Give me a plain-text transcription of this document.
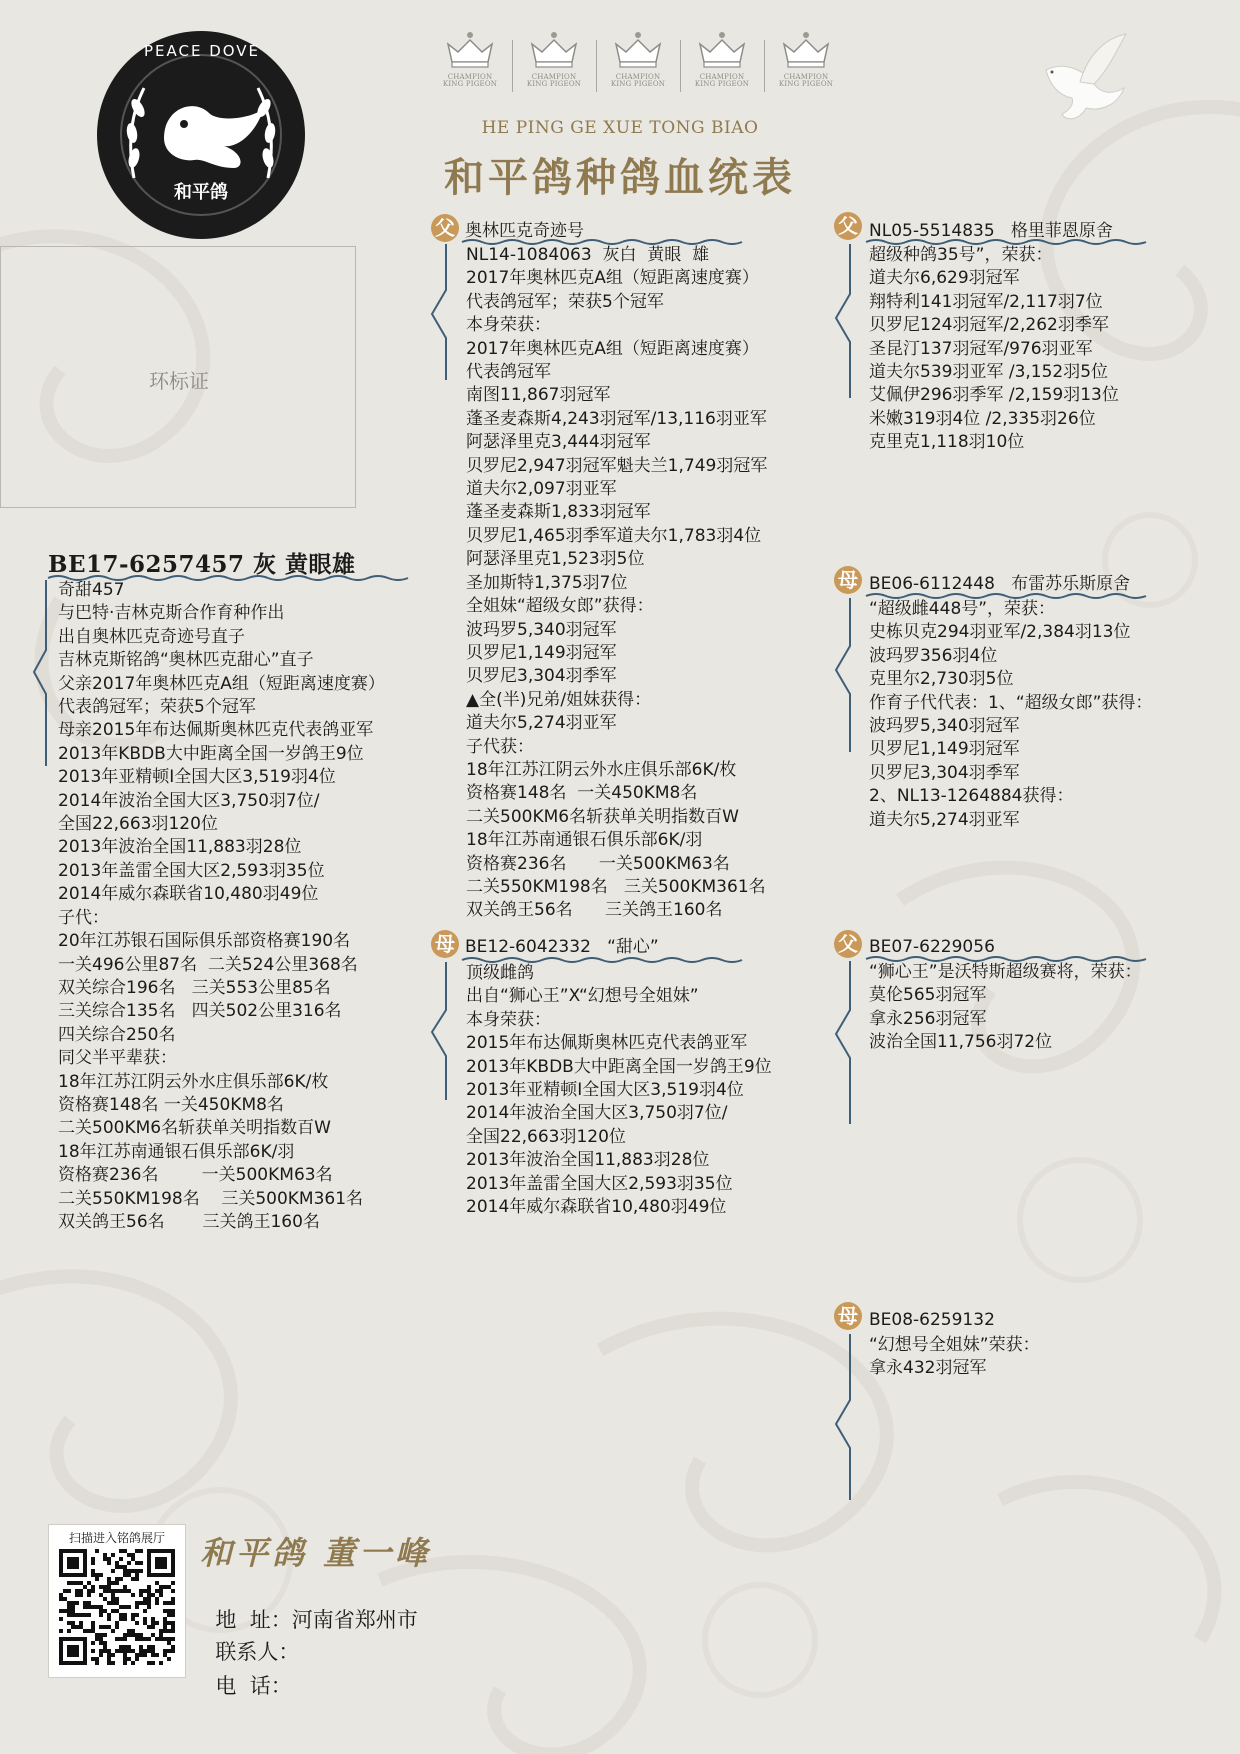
PEACE DOVE
和平鸽
CHAMPION
KING PIGEON
CHAMPION
KING PIGEON
CHAMPION
KING PIGEON
CHAMPION
KING PIGEON
CHAMPION
KING PIGEON
HE PING GE XUE TONG BIAO
和平鸽种鸽血统表
环标证
BE17-6257457 灰 黄眼雄
奇甜457
与巴特·吉林克斯合作育种作出
出自奥林匹克奇迹号直子
吉林克斯铭鸽“奥林匹克甜心”直子
父亲2017年奥林匹克A组（短距离速度赛）
代表鸽冠军；荣获5个冠军
母亲2015年布达佩斯奥林匹克代表鸽亚军
2013年KBDB大中距离全国一岁鸽王9位
2013年亚精顿I全国大区3,519羽4位
2014年波治全国大区3,750羽7位/
全国22,663羽120位
2013年波治全国11,883羽28位
2013年盖雷全国大区2,593羽35位
2014年威尔森联省10,480羽49位
子代：
20年江苏银石国际俱乐部资格赛190名
一关496公里87名  二关524公里368名
双关综合196名   三关553公里85名
三关综合135名   四关502公里316名
四关综合250名
同父半平辈获：
18年江苏江阴云外水庄俱乐部6K/枚
资格赛148名 一关450KM8名
二关500KM6名斩获单关明指数百W
18年江苏南通银石俱乐部6K/羽
资格赛236名        一关500KM63名
二关550KM198名    三关500KM361名
双关鸽王56名       三关鸽王160名
父 奥林匹克奇迹号
NL14-1084063  灰白  黄眼  雄
2017年奥林匹克A组（短距离速度赛）
代表鸽冠军；荣获5个冠军
本身荣获：
2017年奥林匹克A组（短距离速度赛）
代表鸽冠军
南图11,867羽冠军
蓬圣麦森斯4,243羽冠军/13,116羽亚军
阿瑟泽里克3,444羽冠军
贝罗尼2,947羽冠军魁夫兰1,749羽冠军
道夫尔2,097羽亚军
蓬圣麦森斯1,833羽冠军
贝罗尼1,465羽季军道夫尔1,783羽4位
阿瑟泽里克1,523羽5位
圣加斯特1,375羽7位
全姐妹“超级女郎”获得：
波玛罗5,340羽冠军
贝罗尼1,149羽冠军
贝罗尼3,304羽季军
▲全(半)兄弟/姐妹获得：
道夫尔5,274羽亚军
子代获：
18年江苏江阴云外水庄俱乐部6K/枚
资格赛148名  一关450KM8名
二关500KM6名斩获单关明指数百W
18年江苏南通银石俱乐部6K/羽
资格赛236名      一关500KM63名
二关550KM198名   三关500KM361名
双关鸽王56名      三关鸽王160名
母 BE12-6042332   “甜心”
顶级雌鸽
出自“狮心王”X“幻想号全姐妹”
本身荣获：
2015年布达佩斯奥林匹克代表鸽亚军
2013年KBDB大中距离全国一岁鸽王9位
2013年亚精顿I全国大区3,519羽4位
2014年波治全国大区3,750羽7位/
全国22,663羽120位
2013年波治全国11,883羽28位
2013年盖雷全国大区2,593羽35位
2014年威尔森联省10,480羽49位
父 NL05-5514835   格里菲恩原舍
超级种鸽35号”，荣获：
道夫尔6,629羽冠军
翔特利141羽冠军/2,117羽7位
贝罗尼124羽冠军/2,262羽季军
圣昆汀137羽冠军/976羽亚军
道夫尔539羽亚军 /3,152羽5位
艾佩伊296羽季军 /2,159羽13位
米嫩319羽4位 /2,335羽26位
克里克1,118羽10位
母 BE06-6112448   布雷苏乐斯原舍
“超级雌448号”，荣获：
史栋贝克294羽亚军/2,384羽13位
波玛罗356羽4位
克里尔2,730羽5位
作育子代代表：1、“超级女郎”获得：
波玛罗5,340羽冠军
贝罗尼1,149羽冠军
贝罗尼3,304羽季军
2、NL13-1264884获得：
道夫尔5,274羽亚军
父 BE07-6229056
“狮心王”是沃特斯超级赛将，荣获：
莫伦565羽冠军
拿永256羽冠军
波治全国11,756羽72位
母 BE08-6259132
“幻想号全姐妹”荣获：
拿永432羽冠军
扫描进入铭鸽展厅	和平鸽 董一峰

地  址：河南省郑州市

联系人：

电  话：
